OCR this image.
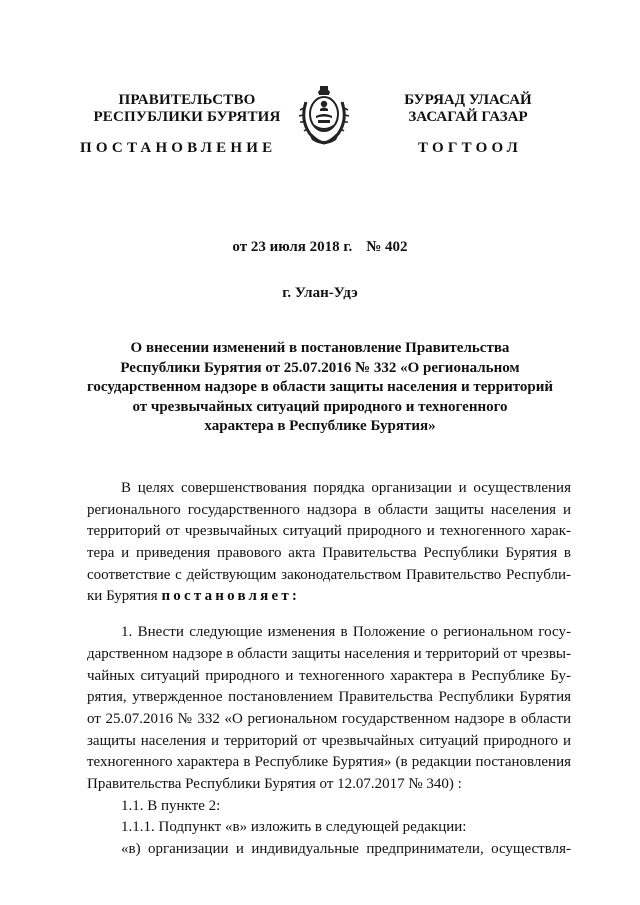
ПРАВИТЕЛЬСТВО
РЕСПУБЛИКИ БУРЯТИЯ
БУРЯАД УЛАСАЙ
ЗАСАГАЙ ГАЗАР
ПОСТАНОВЛЕНИЕ	ТОГТООЛ
от 23 июля 2018 г. № 402
г. Улан-Удэ
О внесении изменений в постановление Правительства
Республики Бурятия от 25.07.2016 № 332 «О региональном
государственном надзоре в области защиты населения и территорий
от чрезвычайных ситуаций природного и техногенного
характера в Республике Бурятия»
В целях совершенствования порядка организации и осуществления
регионального государственного надзора в области защиты населения и
территорий от чрезвычайных ситуаций природного и техногенного харак-
тера и приведения правового акта Правительства Республики Бурятия в
соответствие с действующим законодательством Правительство Республи-
ки Бурятия постановляет:
1. Внести следующие изменения в Положение о региональном госу-
дарственном надзоре в области защиты населения и территорий от чрезвы-
чайных ситуаций природного и техногенного характера в Республике Бу-
рятия, утвержденное постановлением Правительства Республики Бурятия
от 25.07.2016 № 332 «О региональном государственном надзоре в области
защиты населения и территорий от чрезвычайных ситуаций природного и
техногенного характера в Республике Бурятия» (в редакции постановления
Правительства Республики Бурятия от 12.07.2017 № 340) :
1.1. В пункте 2:
1.1.1. Подпункт «в» изложить в следующей редакции:
«в) организации и индивидуальные предприниматели, осуществля-
